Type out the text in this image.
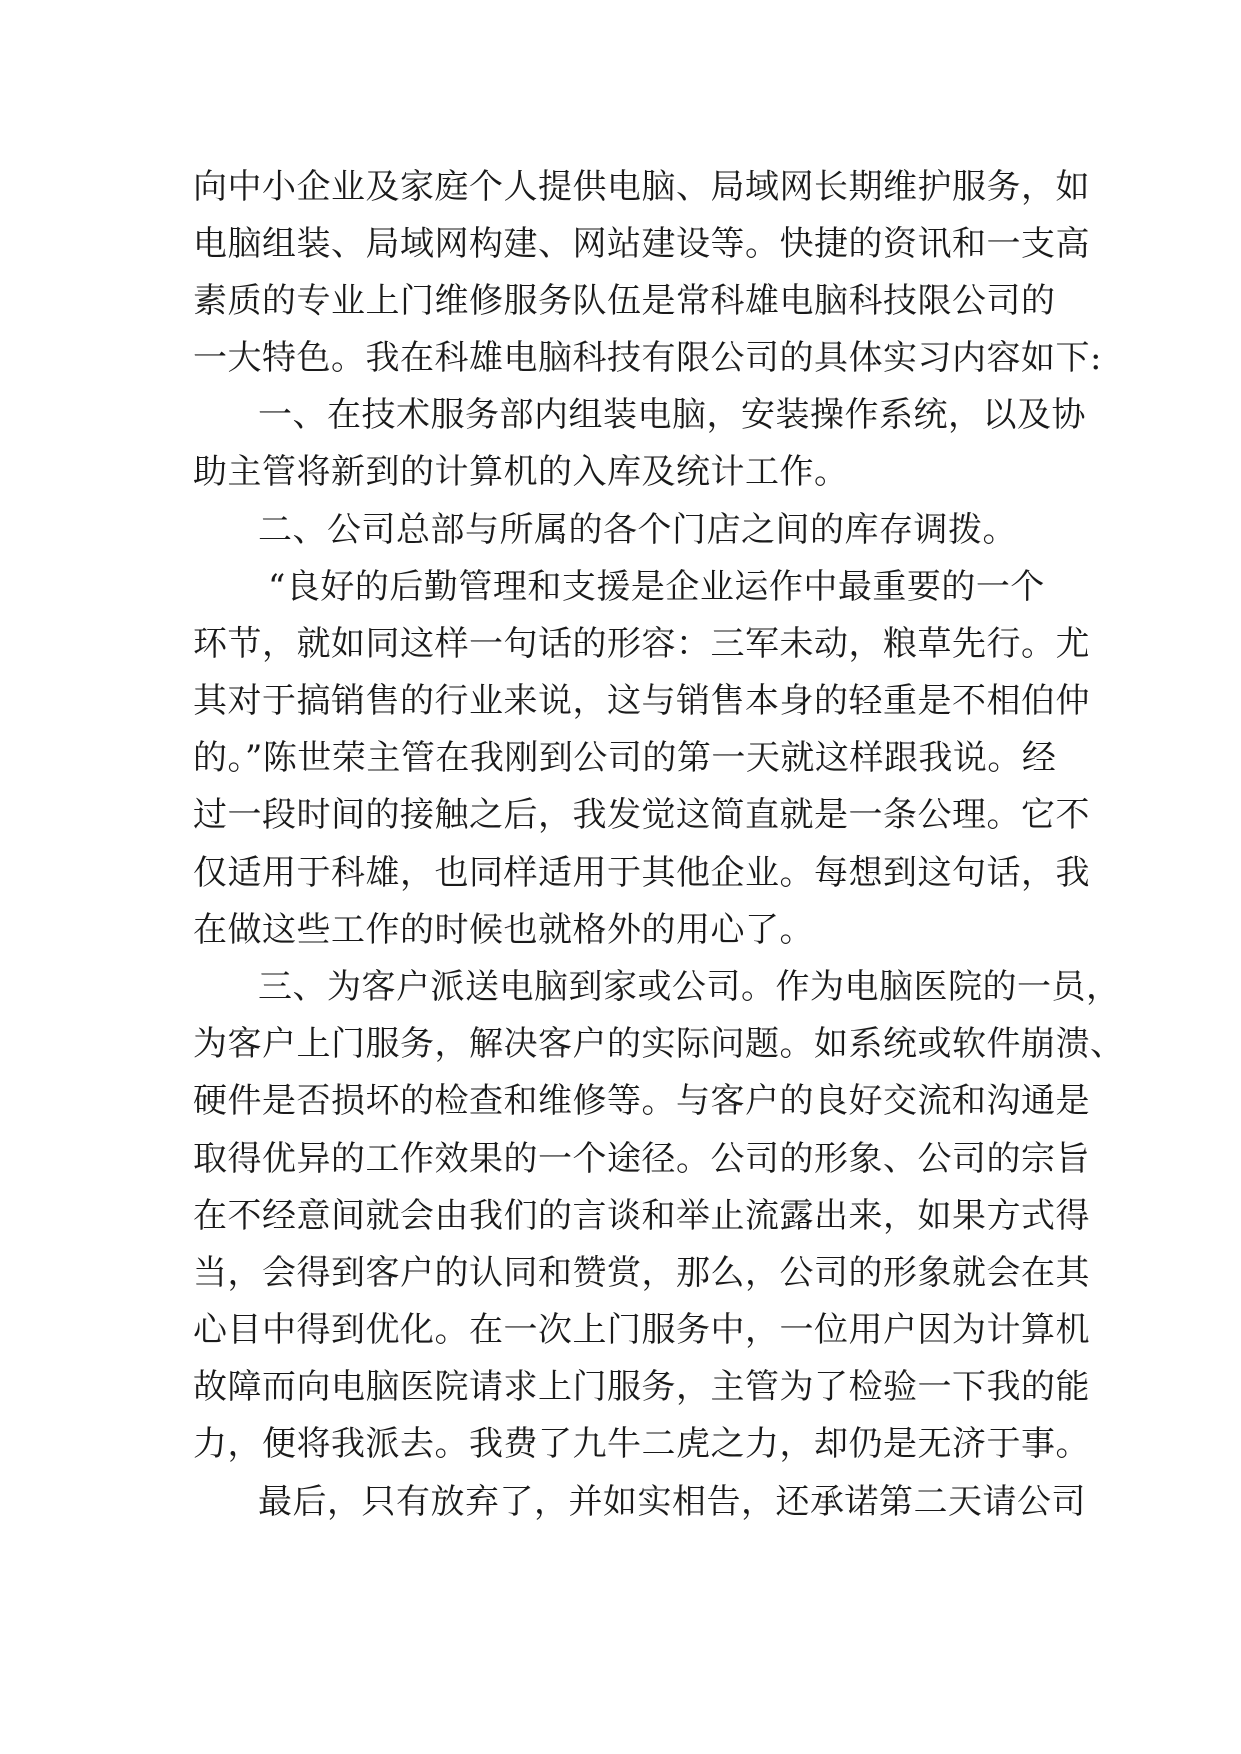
向中小企业及家庭个人提供电脑、局域网长期维护服务，如
电脑组装、局域网构建、网站建设等。快捷的资讯和一支高
素质的专业上门维修服务队伍是常科雄电脑科技限公司的
一大特色。我在科雄电脑科技有限公司的具体实习内容如下:
一、在技术服务部内组装电脑，安装操作系统，以及协
助主管将新到的计算机的入库及统计工作。
二、公司总部与所属的各个门店之间的库存调拨。
“良好的后勤管理和支援是企业运作中最重要的一个
环节，就如同这样一句话的形容：三军未动，粮草先行。尤
其对于搞销售的行业来说，这与销售本身的轻重是不相伯仲
的。”陈世荣主管在我刚到公司的第一天就这样跟我说。经
过一段时间的接触之后，我发觉这简直就是一条公理。它不
仅适用于科雄，也同样适用于其他企业。每想到这句话，我
在做这些工作的时候也就格外的用心了。
三、为客户派送电脑到家或公司。作为电脑医院的一员，
为客户上门服务，解决客户的实际问题。如系统或软件崩溃、
硬件是否损坏的检查和维修等。与客户的良好交流和沟通是
取得优异的工作效果的一个途径。公司的形象、公司的宗旨
在不经意间就会由我们的言谈和举止流露出来，如果方式得
当，会得到客户的认同和赞赏，那么，公司的形象就会在其
心目中得到优化。在一次上门服务中，一位用户因为计算机
故障而向电脑医院请求上门服务，主管为了检验一下我的能
力，便将我派去。我费了九牛二虎之力，却仍是无济于事。
最后，只有放弃了，并如实相告，还承诺第二天请公司
